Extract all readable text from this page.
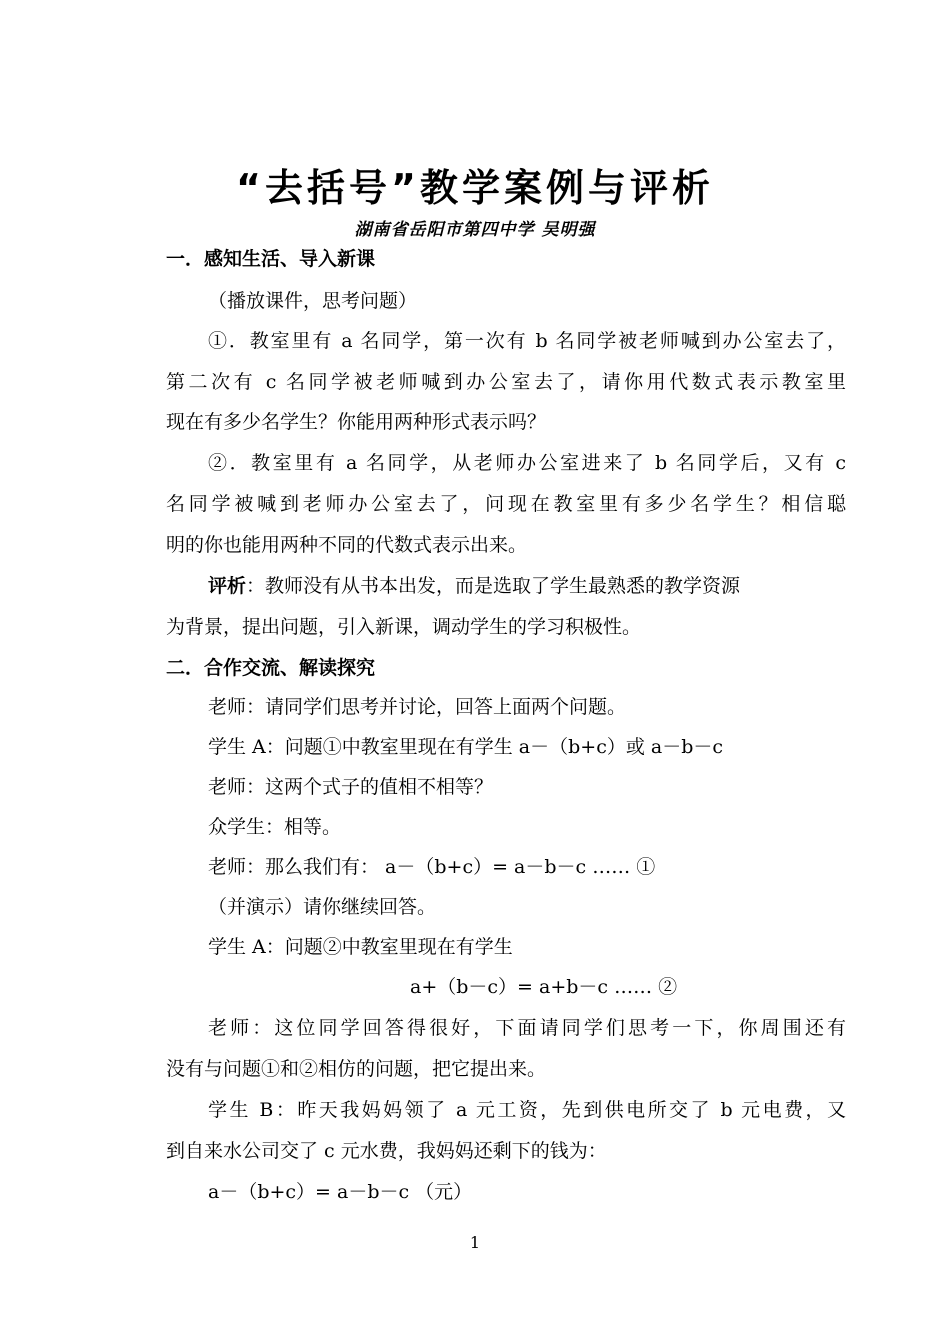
“去括号”教学案例与评析
湖南省岳阳市第四中学 吴明强
一．感知生活、导入新课
（播放课件，思考问题）
①．教室里有 a 名同学，第一次有 b 名同学被老师喊到办公室去了，
第二次有 c 名同学被老师喊到办公室去了，请你用代数式表示教室里
现在有多少名学生？你能用两种形式表示吗？
②．教室里有 a 名同学，从老师办公室进来了 b 名同学后，又有 c
名同学被喊到老师办公室去了，问现在教室里有多少名学生？相信聪
明的你也能用两种不同的代数式表示出来。
评析：教师没有从书本出发，而是选取了学生最熟悉的教学资源
为背景，提出问题，引入新课，调动学生的学习积极性。
二．合作交流、解读探究
老师：请同学们思考并讨论，回答上面两个问题。
学生 A：问题①中教室里现在有学生 a－（b+c）或 a－b－c
老师：这两个式子的值相不相等？
众学生：相等。
老师：那么我们有： a－（b+c）= a－b－c …… ①
（并演示）请你继续回答。
学生 A：问题②中教室里现在有学生
a+（b－c）= a+b－c …… ②
老师：这位同学回答得很好，下面请同学们思考一下，你周围还有
没有与问题①和②相仿的问题，把它提出来。
学生 B：昨天我妈妈领了 a 元工资，先到供电所交了 b 元电费，又
到自来水公司交了 c 元水费，我妈妈还剩下的钱为：
a－（b+c）= a－b－c （元）
1
